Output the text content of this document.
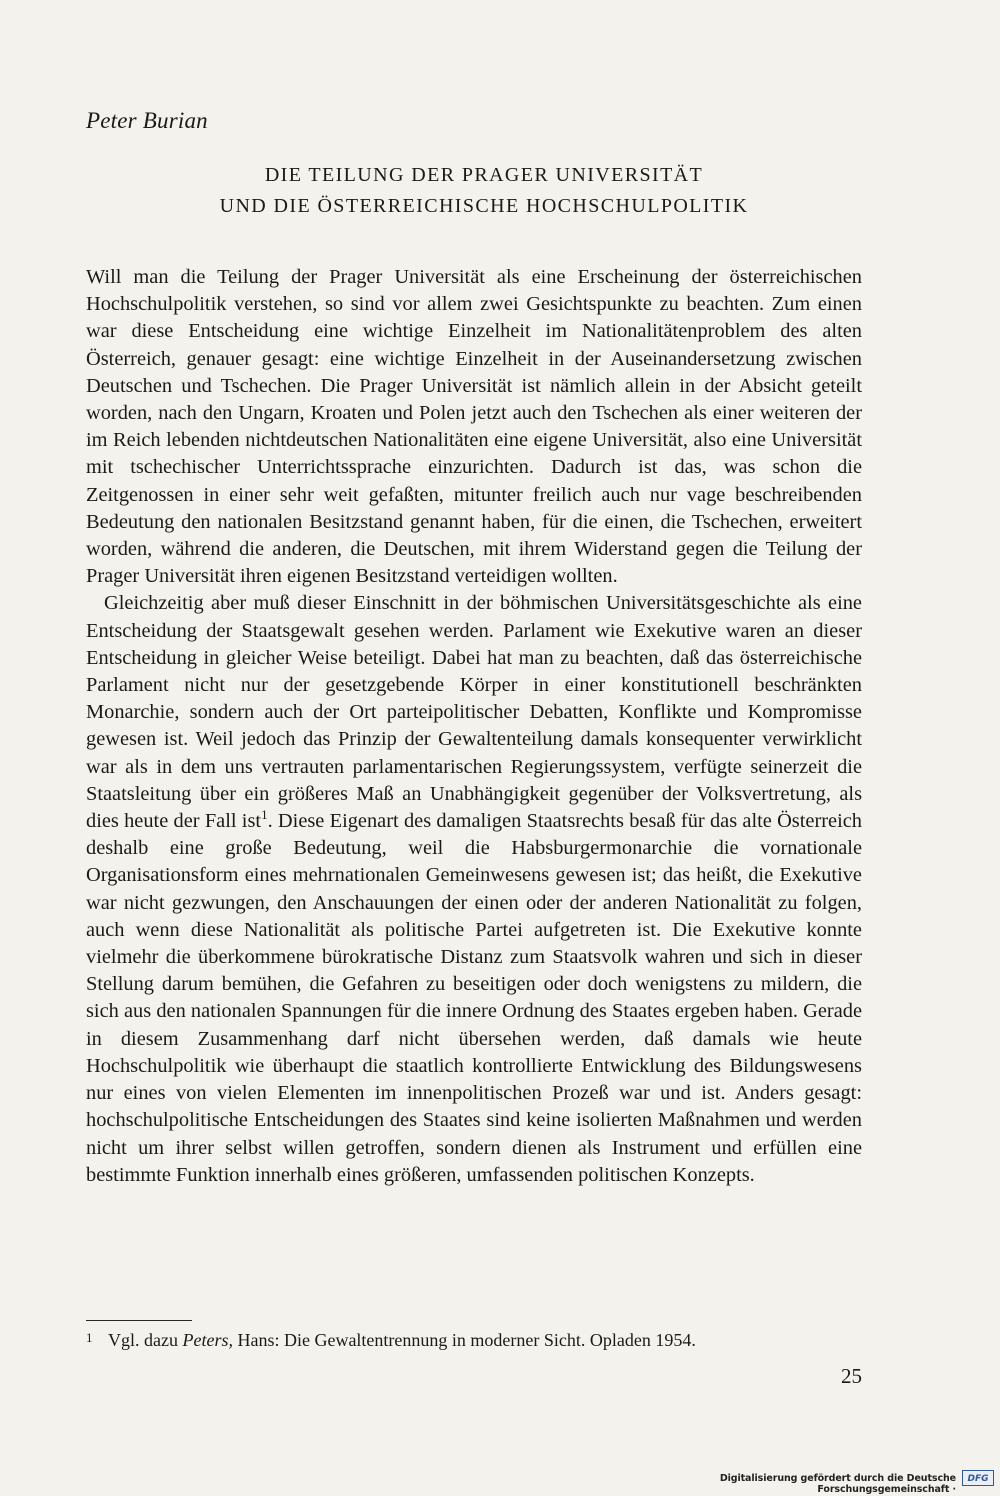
Peter Burian
DIE TEILUNG DER PRAGER UNIVERSITÄT
UND DIE ÖSTERREICHISCHE HOCHSCHULPOLITIK

Will man die Teilung der Prager Universität als eine Erscheinung der österreichischen Hochschulpolitik verstehen, so sind vor allem zwei Gesichtspunkte zu beachten. Zum einen war diese Entscheidung eine wichtige Einzelheit im Nationalitätenproblem des alten Österreich, genauer gesagt: eine wichtige Einzelheit in der Auseinandersetzung zwischen Deutschen und Tschechen. Die Prager Universität ist nämlich allein in der Absicht geteilt worden, nach den Ungarn, Kroaten und Polen jetzt auch den Tschechen als einer weiteren der im Reich lebenden nichtdeutschen Nationalitäten eine eigene Universität, also eine Universität mit tschechischer Unterrichtssprache einzurichten. Dadurch ist das, was schon die Zeitgenossen in einer sehr weit gefaßten, mitunter freilich auch nur vage beschreibenden Bedeutung den nationalen Besitzstand genannt haben, für die einen, die Tschechen, erweitert worden, während die anderen, die Deutschen, mit ihrem Widerstand gegen die Teilung der Prager Universität ihren eigenen Besitzstand verteidigen wollten.

Gleichzeitig aber muß dieser Einschnitt in der böhmischen Universitätsgeschichte als eine Entscheidung der Staatsgewalt gesehen werden. Parlament wie Exekutive waren an dieser Entscheidung in gleicher Weise beteiligt. Dabei hat man zu beachten, daß das österreichische Parlament nicht nur der gesetzgebende Körper in einer konstitutionell beschränkten Monarchie, sondern auch der Ort parteipolitischer Debatten, Konflikte und Kompromisse gewesen ist. Weil jedoch das Prinzip der Gewaltenteilung damals konsequenter verwirklicht war als in dem uns vertrauten parlamentarischen Regierungssystem, verfügte seinerzeit die Staatsleitung über ein größeres Maß an Unabhängigkeit gegenüber der Volksvertretung, als dies heute der Fall ist$^1$. Diese Eigenart des damaligen Staatsrechts besaß für das alte Österreich deshalb eine große Bedeutung, weil die Habsburgermonarchie die vornationale Organisationsform eines mehrnationalen Gemeinwesens gewesen ist; das heißt, die Exekutive war nicht gezwungen, den Anschauungen der einen oder der anderen Nationalität zu folgen, auch wenn diese Nationalität als politische Partei aufgetreten ist. Die Exekutive konnte vielmehr die überkommene bürokratische Distanz zum Staatsvolk wahren und sich in dieser Stellung darum bemühen, die Gefahren zu beseitigen oder doch wenigstens zu mildern, die sich aus den nationalen Spannungen für die innere Ordnung des Staates ergeben haben. Gerade in diesem Zusammenhang darf nicht übersehen werden, daß damals wie heute Hochschulpolitik wie überhaupt die staatlich kontrollierte Entwicklung des Bildungswesens nur eines von vielen Elementen im innenpolitischen Prozeß war und ist. Anders gesagt: hochschulpolitische Entscheidungen des Staates sind keine isolierten Maßnahmen und werden nicht um ihrer selbst willen getroffen, sondern dienen als Instrument und erfüllen eine bestimmte Funktion innerhalb eines größeren, umfassenden politischen Konzepts.

1 Vgl. dazu Peters, Hans: Die Gewaltentrennung in moderner Sicht. Opladen 1954.
25
Digitalisierung gefördert durch die Deutsche Forschungsgemeinschaft ·
DFG
